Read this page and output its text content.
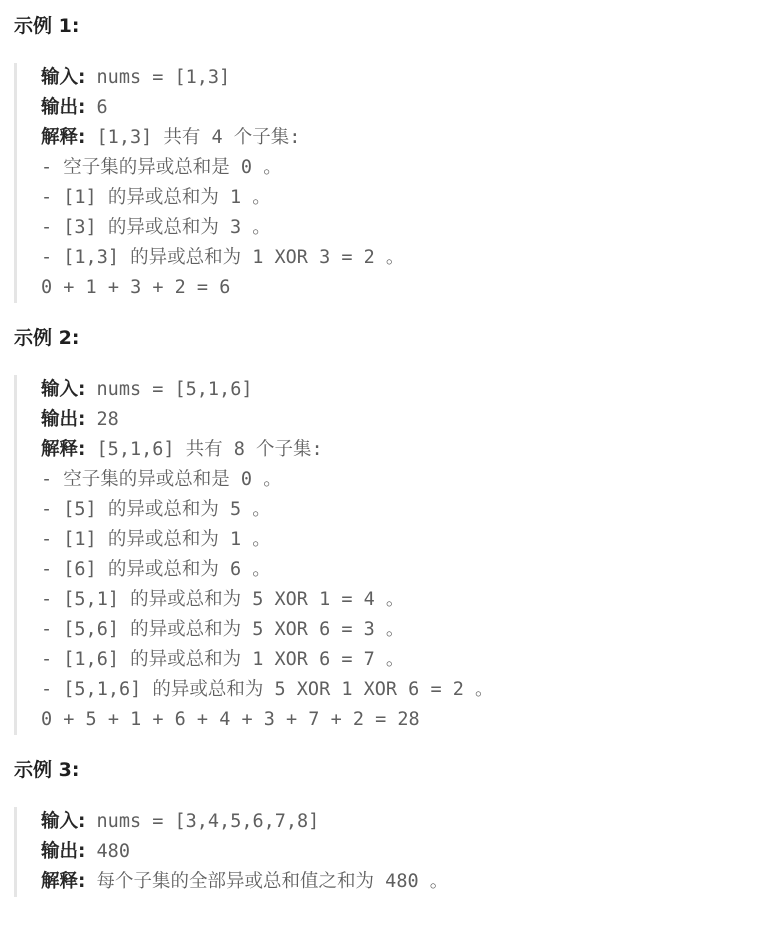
示例 1:
输入: nums = [1,3]
输出: 6
解释: [1,3] 共有 4 个子集:
- 空子集的异或总和是 0 。
- [1] 的异或总和为 1 。
- [3] 的异或总和为 3 。
- [1,3] 的异或总和为 1 XOR 3 = 2 。
0 + 1 + 3 + 2 = 6
示例 2:
输入: nums = [5,1,6]
输出: 28
解释: [5,1,6] 共有 8 个子集:
- 空子集的异或总和是 0 。
- [5] 的异或总和为 5 。
- [1] 的异或总和为 1 。
- [6] 的异或总和为 6 。
- [5,1] 的异或总和为 5 XOR 1 = 4 。
- [5,6] 的异或总和为 5 XOR 6 = 3 。
- [1,6] 的异或总和为 1 XOR 6 = 7 。
- [5,1,6] 的异或总和为 5 XOR 1 XOR 6 = 2 。
0 + 5 + 1 + 6 + 4 + 3 + 7 + 2 = 28
示例 3:
输入: nums = [3,4,5,6,7,8]
输出: 480
解释: 每个子集的全部异或总和值之和为 480 。
